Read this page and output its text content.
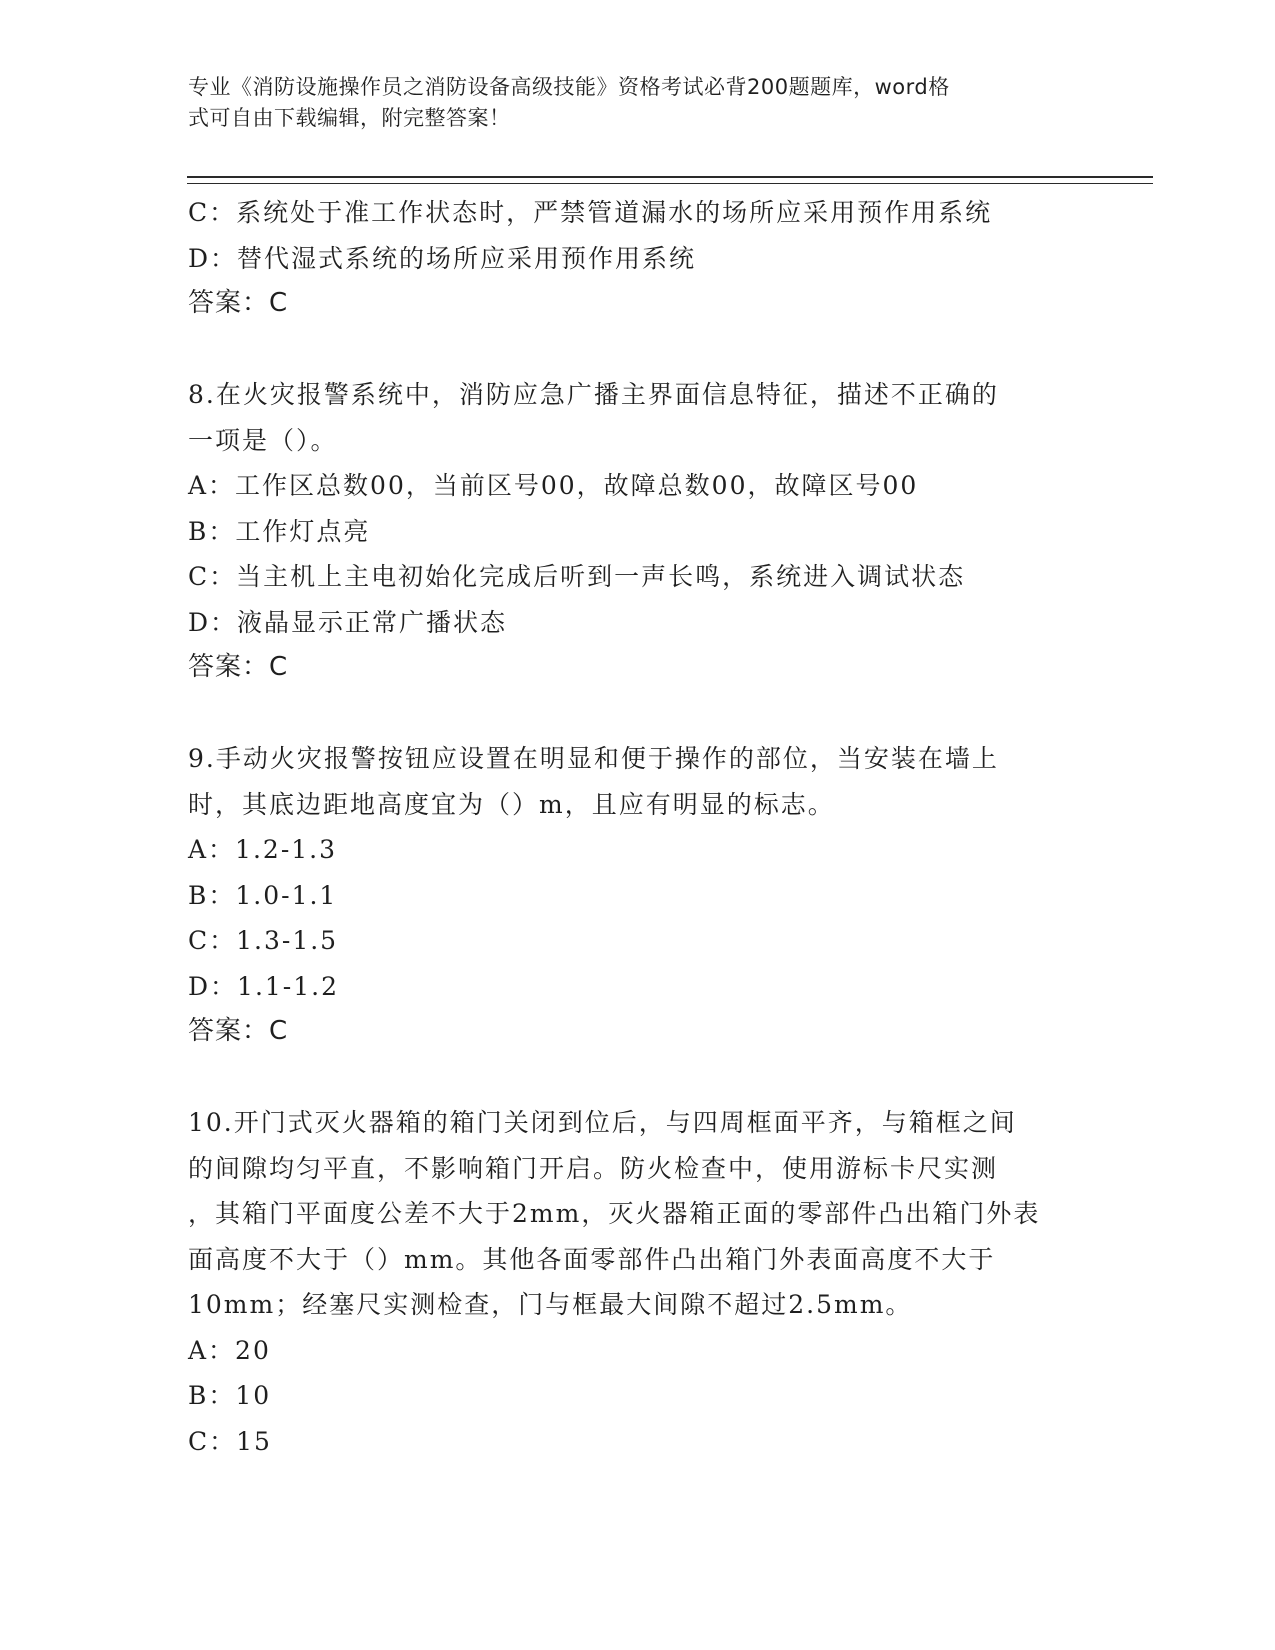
专业《消防设施操作员之消防设备高级技能》资格考试必背200题题库，word格
式可自由下载编辑，附完整答案！
C：系统处于准工作状态时，严禁管道漏水的场所应采用预作用系统
D：替代湿式系统的场所应采用预作用系统
答案：C
8.在火灾报警系统中，消防应急广播主界面信息特征，描述不正确的
一项是（）。
A：工作区总数00，当前区号00，故障总数00，故障区号00
B：工作灯点亮
C：当主机上主电初始化完成后听到一声长鸣，系统进入调试状态
D：液晶显示正常广播状态
答案：C
9.手动火灾报警按钮应设置在明显和便于操作的部位，当安装在墙上
时，其底边距地高度宜为（）m，且应有明显的标志。
A：1.2-1.3
B：1.0-1.1
C：1.3-1.5
D：1.1-1.2
答案：C
10.开门式灭火器箱的箱门关闭到位后，与四周框面平齐，与箱框之间
的间隙均匀平直，不影响箱门开启。防火检查中，使用游标卡尺实测
，其箱门平面度公差不大于2mm，灭火器箱正面的零部件凸出箱门外表
面高度不大于（）mm。其他各面零部件凸出箱门外表面高度不大于
10mm；经塞尺实测检查，门与框最大间隙不超过2.5mm。
A：20
B：10
C：15
